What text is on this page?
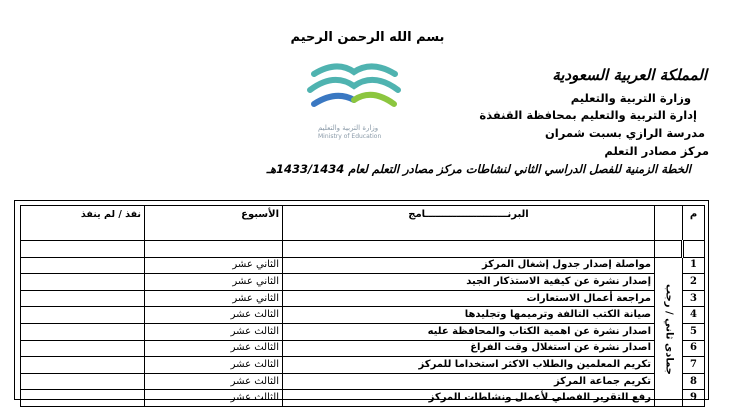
بسم الله الرحمن الرحيم
وزارة التربية والتعليم
Ministry of Education
المملكة العربية السعودية
وزارة التربية والتعليم
إدارة التربية والتعليم بمحافظة القنفذة
مدرسة الرازي بسبت شمران
مركز مصادر التعلم
الخطة الزمنية للفصل الدراسي الثاني لنشاطات مركز مصادر التعلم لعام 1433/1434هـ
م		البرنــــــــــــــــــــــــامج	الأسبوع	نفذ / لم ينفذ

1	جمادى ثاني / رجب	مواصلة إصدار جدول إشغال المركز	الثاني عشر	
2		إصدار نشرة عن كيفية الاستذكار الجيد	الثاني عشر	
3		مراجعة أعمال الاستعارات	الثاني عشر	
4		صيانة الكتب التالفة وترميمها وتجليدها	الثالث عشر	
5		اصدار نشرة عن اهمية الكتاب والمحافظة عليه	الثالث عشر	
6		اصدار نشرة عن استغلال وقت الفراغ	الثالث عشر	
7		تكريم المعلمين والطلاب الاكثر استخداما للمركز	الثالث عشر	
8		تكريم جماعة المركز	الثالث عشر	
9		رفع التقرير الفصلي لأعمال ونشاطات المركز	الثالث عشر	
